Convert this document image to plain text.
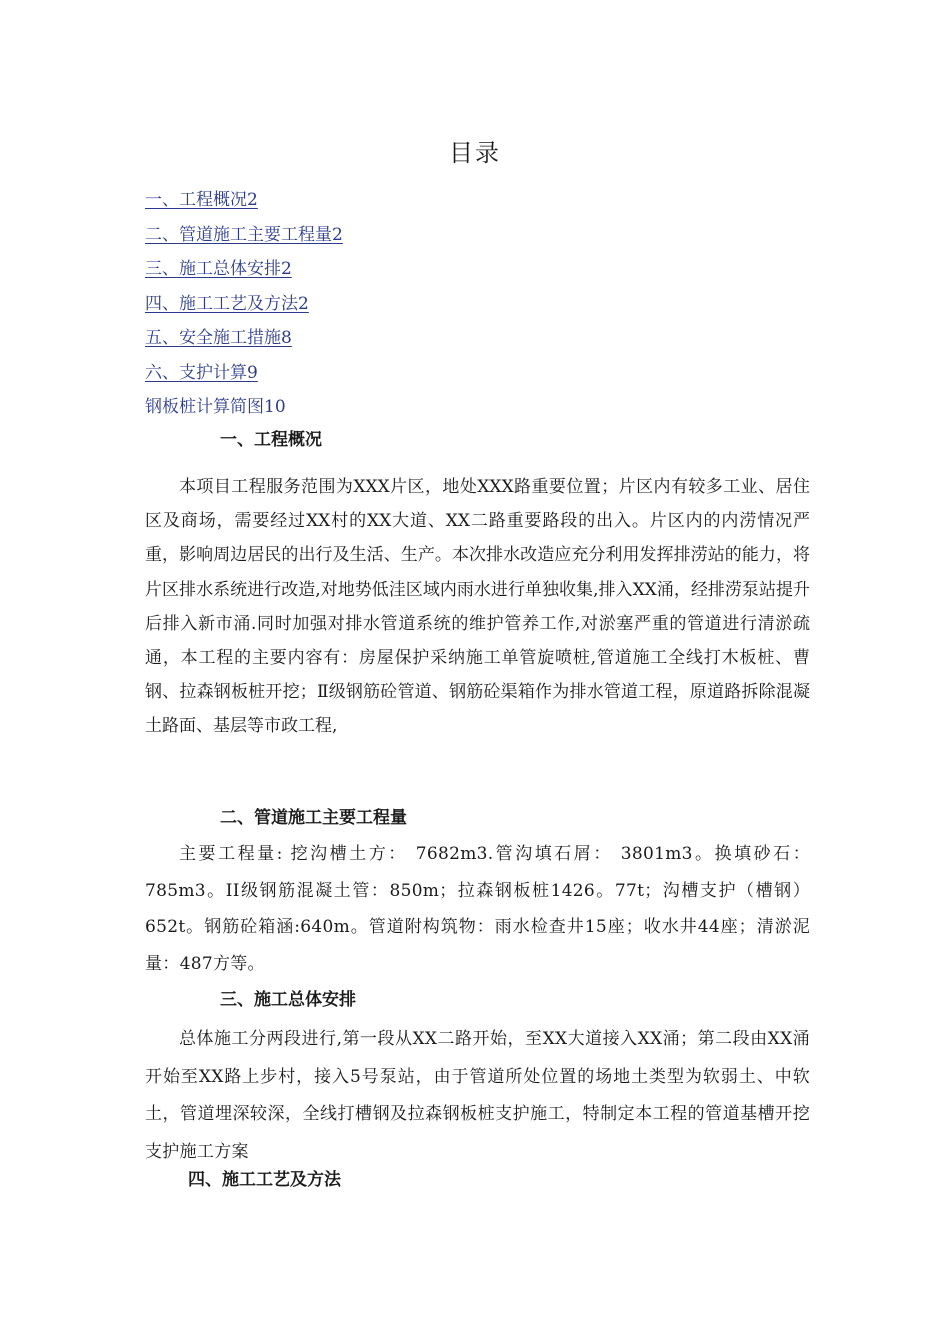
目录
一、工程概况2
二、管道施工主要工程量2
三、施工总体安排2
四、施工工艺及方法2
五、安全施工措施8
六、支护计算9
钢板桩计算简图10
一、工程概况

本项目工程服务范围为XXX片区，地处XXX路重要位置；片区内有较多工业、居住区及商场，需要经过XX村的XX大道、XX二路重要路段的出入。片区内的内涝情况严重，影响周边居民的出行及生活、生产。本次排水改造应充分利用发挥排涝站的能力，将片区排水系统进行改造,对地势低洼区域内雨水进行单独收集,排入XX涌，经排涝泵站提升后排入新市涌.同时加强对排水管道系统的维护管养工作,对淤塞严重的管道进行清淤疏通，本工程的主要内容有：房屋保护采纳施工单管旋喷桩,管道施工全线打木板桩、曹钢、拉森钢板桩开挖；Ⅱ级钢筋砼管道、钢筋砼渠箱作为排水管道工程，原道路拆除混凝土路面、基层等市政工程,

二、管道施工主要工程量

主要工程量: 挖沟槽土方： 7682m3.管沟填石屑： 3801m3。换填砂石：785m3。II级钢筋混凝土管：850m；拉森钢板桩1426。77t；沟槽支护（槽钢）652t。钢筋砼箱涵:640m。管道附构筑物：雨水检查井15座；收水井44座；清淤泥量：487方等。

三、施工总体安排

总体施工分两段进行,第一段从XX二路开始，至XX大道接入XX涌；第二段由XX涌开始至XX路上步村，接入5号泵站，由于管道所处位置的场地土类型为软弱土、中软土，管道埋深较深，全线打槽钢及拉森钢板桩支护施工，特制定本工程的管道基槽开挖支护施工方案

四、施工工艺及方法
